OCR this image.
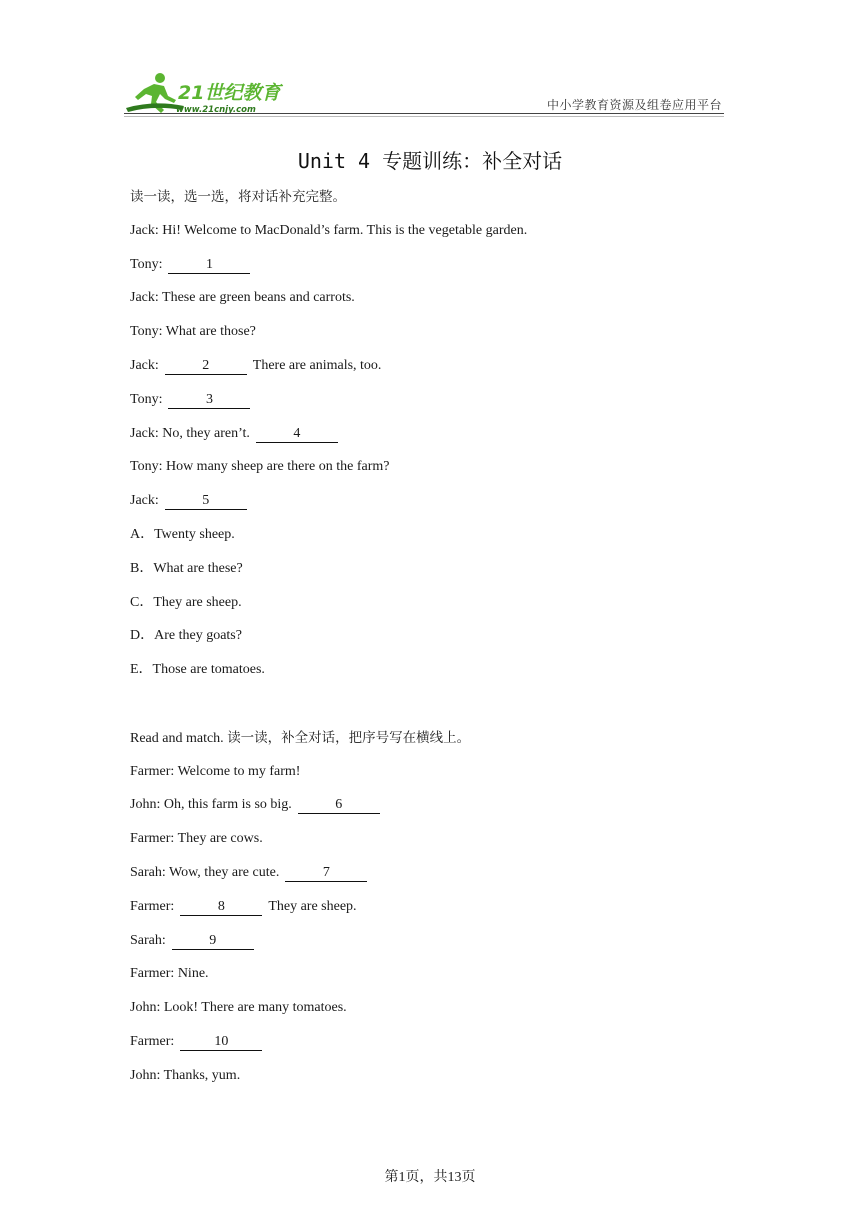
21世纪教育
www.21cnjy.com	中小学教育资源及组卷应用平台
Unit 4 专题训练：补全对话
读一读，选一选，将对话补充完整。
Jack: Hi! Welcome to MacDonald’s farm. This is the vegetable garden.
Tony:	1
Jack: These are green beans and carrots.
Tony: What are those?
Jack:	2	There are animals, too.
Tony:	3
Jack: No, they aren’t.	4
Tony: How many sheep are there on the farm?
Jack:	5
A．Twenty sheep.
B．What are these?
C．They are sheep.
D．Are they goats?
E．Those are tomatoes.
Read and match. 读一读，补全对话，把序号写在横线上。
Farmer: Welcome to my farm!
John: Oh, this farm is so big.	6
Farmer: They are cows.
Sarah: Wow, they are cute.	7
Farmer:	8	They are sheep.
Sarah:	9
Farmer: Nine.
John: Look! There are many tomatoes.
Farmer:	10
John: Thanks, yum.
第1页，共13页
